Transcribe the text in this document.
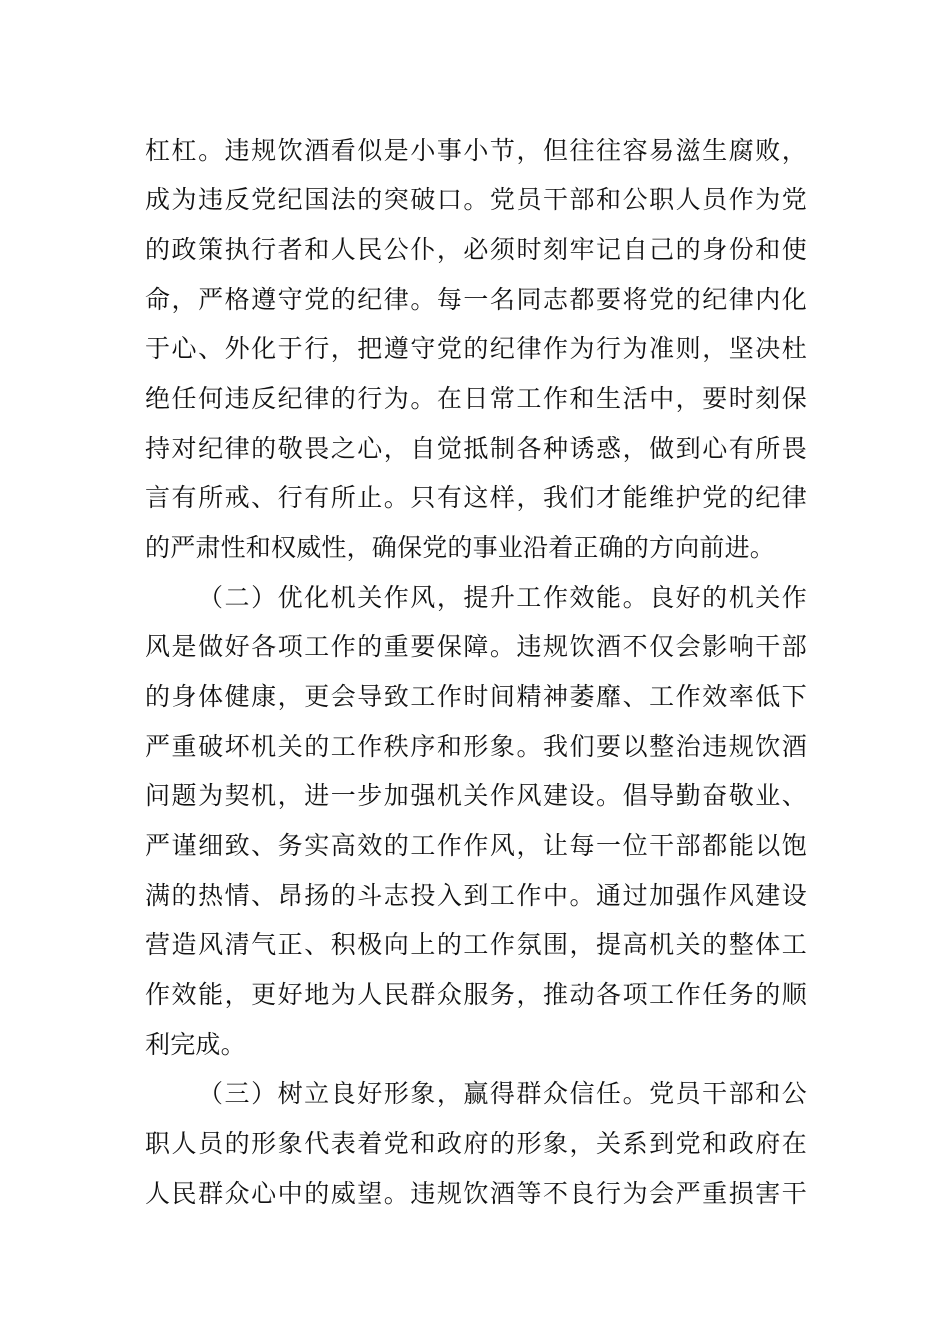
杠杠。违规饮酒看似是小事小节，但往往容易滋生腐败，
成为违反党纪国法的突破口。党员干部和公职人员作为党
的政策执行者和人民公仆，必须时刻牢记自己的身份和使
命，严格遵守党的纪律。每一名同志都要将党的纪律内化
于心、外化于行，把遵守党的纪律作为行为准则，坚决杜
绝任何违反纪律的行为。在日常工作和生活中，要时刻保
持对纪律的敬畏之心，自觉抵制各种诱惑，做到心有所畏
言有所戒、行有所止。只有这样，我们才能维护党的纪律
的严肃性和权威性，确保党的事业沿着正确的方向前进。
（二）优化机关作风，提升工作效能。良好的机关作
风是做好各项工作的重要保障。违规饮酒不仅会影响干部
的身体健康，更会导致工作时间精神萎靡、工作效率低下
严重破坏机关的工作秩序和形象。我们要以整治违规饮酒
问题为契机，进一步加强机关作风建设。倡导勤奋敬业、
严谨细致、务实高效的工作作风，让每一位干部都能以饱
满的热情、昂扬的斗志投入到工作中。通过加强作风建设
营造风清气正、积极向上的工作氛围，提高机关的整体工
作效能，更好地为人民群众服务，推动各项工作任务的顺
利完成。
（三）树立良好形象，赢得群众信任。党员干部和公
职人员的形象代表着党和政府的形象，关系到党和政府在
人民群众心中的威望。违规饮酒等不良行为会严重损害干
